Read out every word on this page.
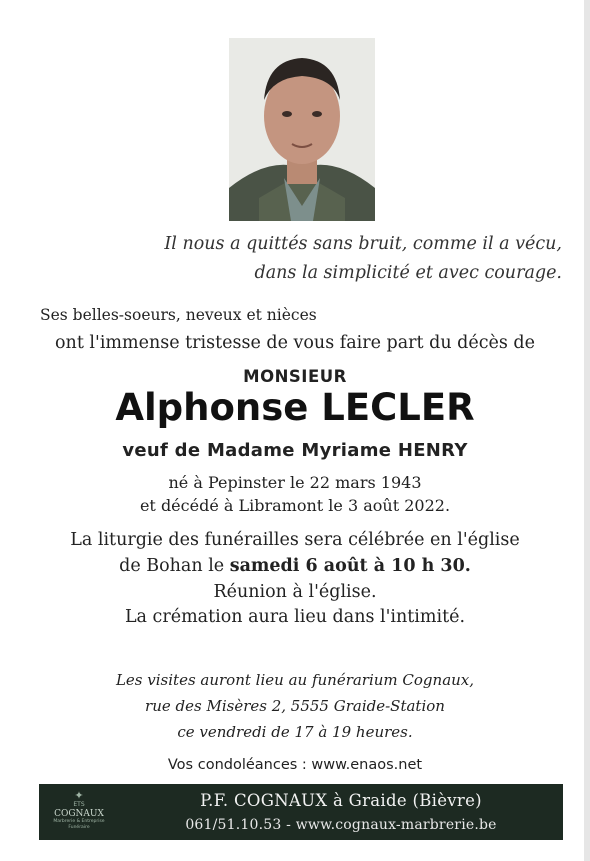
Il nous a quittés sans bruit, comme il a vécu,
dans la simplicité et avec courage.
Ses belles-soeurs, neveux et nièces
ont l'immense tristesse de vous faire part du décès de
MONSIEUR
Alphonse LECLER
veuf de Madame Myriame HENRY
né à Pepinster le 22 mars 1943
et décédé à Libramont le 3 août 2022.
La liturgie des funérailles sera célébrée en l'église
de Bohan le samedi 6 août à 10 h 30.
Réunion à l'église.
La crémation aura lieu dans l'intimité.
Les visites auront lieu au funérarium Cognaux,
rue des Misères 2, 5555 Graide-Station
ce vendredi de 17 à 19 heures.
Vos condoléances : www.enaos.net
✦
ETS
COGNAUX
Marbrerie & Entreprise Funéraire
P.F. COGNAUX à Graide (Bièvre)
061/51.10.53 - www.cognaux-marbrerie.be
